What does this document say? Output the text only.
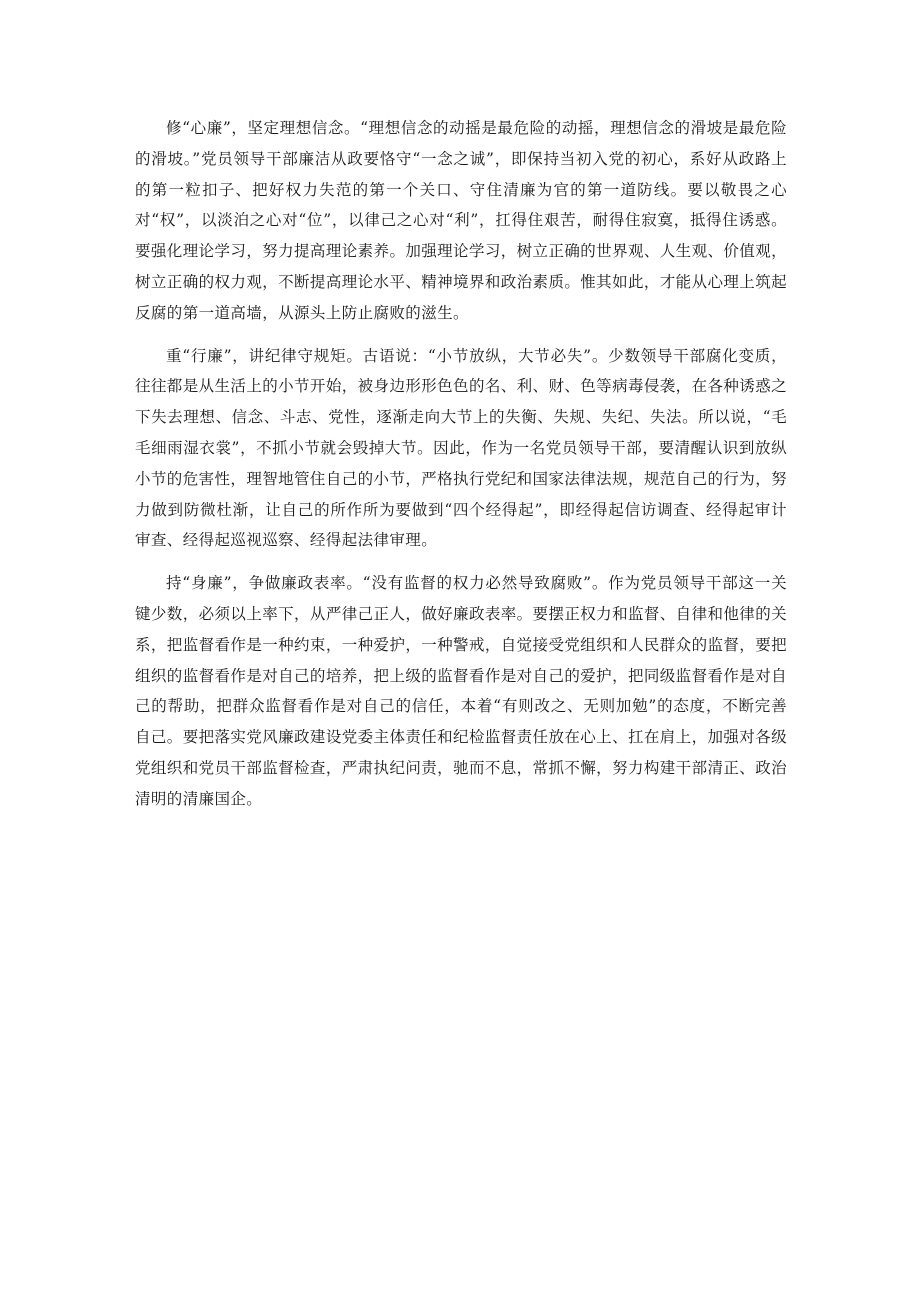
修“心廉”，坚定理想信念。“理想信念的动摇是最危险的动摇，理想信念的滑坡是最危险的滑坡。”党员领导干部廉洁从政要恪守“一念之诚”，即保持当初入党的初心，系好从政路上的第一粒扣子、把好权力失范的第一个关口、守住清廉为官的第一道防线。要以敬畏之心对“权”，以淡泊之心对“位”，以律己之心对“利”，扛得住艰苦，耐得住寂寞，抵得住诱惑。要强化理论学习，努力提高理论素养。加强理论学习，树立正确的世界观、人生观、价值观，树立正确的权力观，不断提高理论水平、精神境界和政治素质。惟其如此，才能从心理上筑起反腐的第一道高墙，从源头上防止腐败的滋生。

重“行廉”，讲纪律守规矩。古语说：“小节放纵，大节必失”。少数领导干部腐化变质，往往都是从生活上的小节开始，被身边形形色色的名、利、财、色等病毒侵袭，在各种诱惑之下失去理想、信念、斗志、党性，逐渐走向大节上的失衡、失规、失纪、失法。所以说，“毛毛细雨湿衣裳”，不抓小节就会毁掉大节。因此，作为一名党员领导干部，要清醒认识到放纵小节的危害性，理智地管住自己的小节，严格执行党纪和国家法律法规，规范自己的行为，努力做到防微杜渐，让自己的所作所为要做到“四个经得起”，即经得起信访调查、经得起审计审查、经得起巡视巡察、经得起法律审理。

持“身廉”，争做廉政表率。“没有监督的权力必然导致腐败”。作为党员领导干部这一关键少数，必须以上率下，从严律己正人，做好廉政表率。要摆正权力和监督、自律和他律的关系，把监督看作是一种约束，一种爱护，一种警戒，自觉接受党组织和人民群众的监督，要把组织的监督看作是对自己的培养，把上级的监督看作是对自己的爱护，把同级监督看作是对自己的帮助，把群众监督看作是对自己的信任，本着“有则改之、无则加勉”的态度，不断完善自己。要把落实党风廉政建设党委主体责任和纪检监督责任放在心上、扛在肩上，加强对各级党组织和党员干部监督检查，严肃执纪问责，驰而不息，常抓不懈，努力构建干部清正、政治清明的清廉国企。
